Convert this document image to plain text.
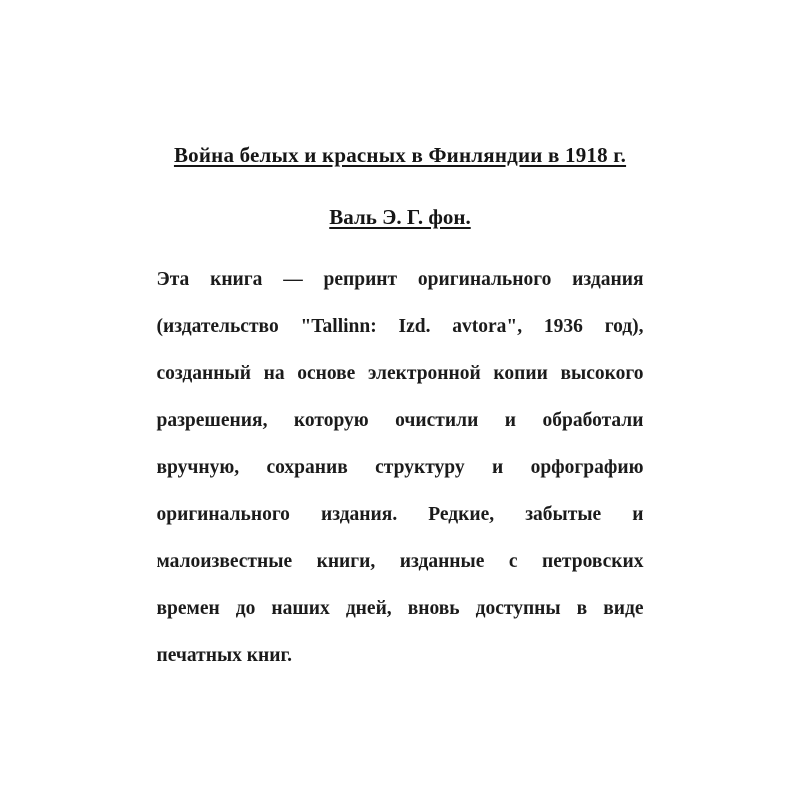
Война белых и красных в Финляндии в 1918 г.
Валь Э. Г. фон.
Эта книга — репринт оригинального издания
(издательство "Tallinn: Izd. avtora", 1936 год),
созданный на основе электронной копии высокого
разрешения, которую очистили и обработали
вручную, сохранив структуру и орфографию
оригинального издания. Редкие, забытые и
малоизвестные книги, изданные с петровских
времен до наших дней, вновь доступны в виде
печатных книг.
